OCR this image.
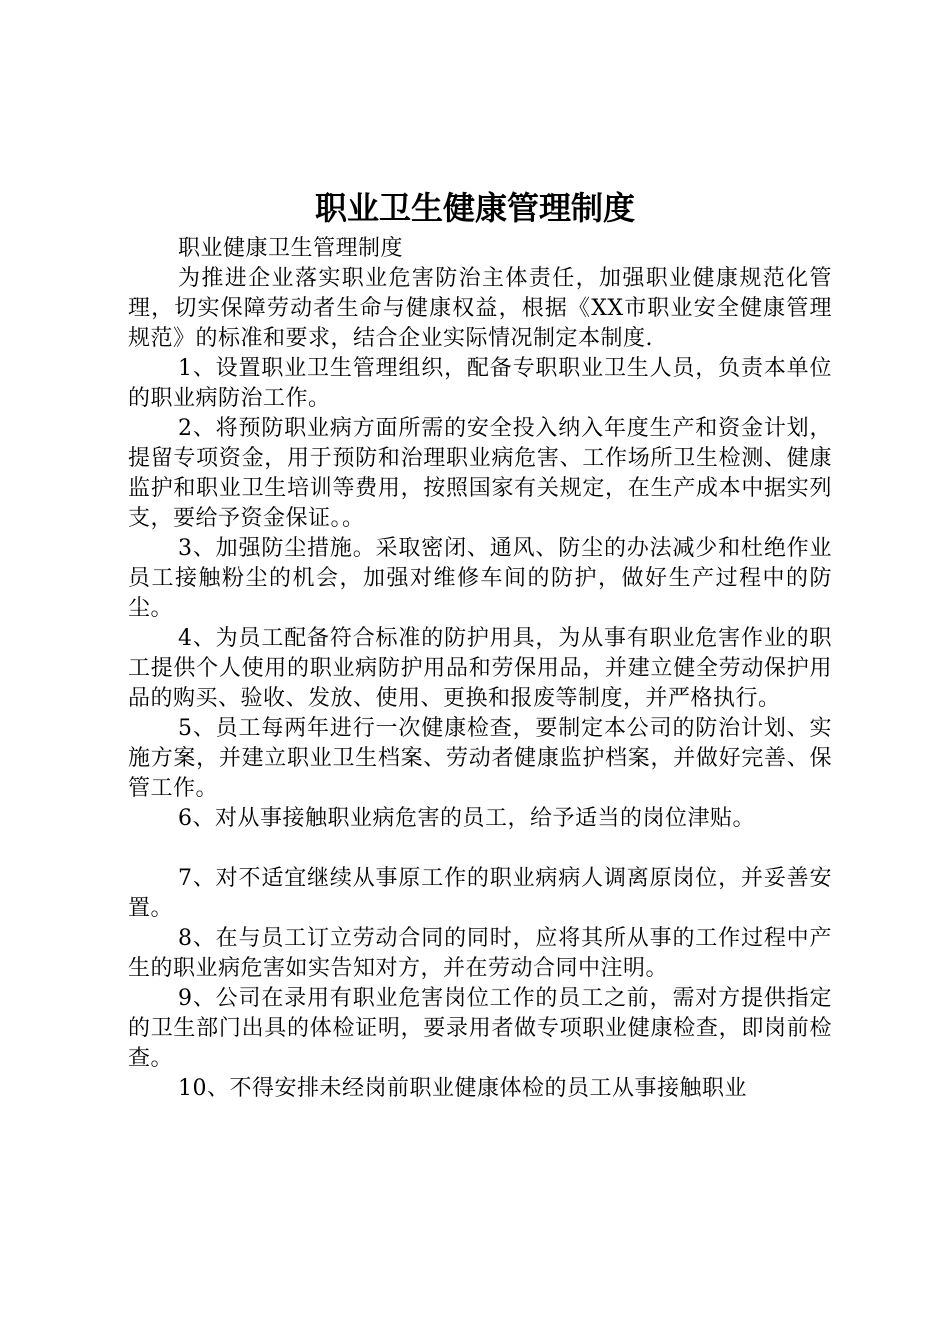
职业卫生健康管理制度

职业健康卫生管理制度

为推进企业落实职业危害防治主体责任，加强职业健康规范化管理，切实保障劳动者生命与健康权益，根据《XX市职业安全健康管理规范》的标准和要求，结合企业实际情况制定本制度.

1、设置职业卫生管理组织，配备专职职业卫生人员，负责本单位的职业病防治工作。

2、将预防职业病方面所需的安全投入纳入年度生产和资金计划，提留专项资金，用于预防和治理职业病危害、工作场所卫生检测、健康监护和职业卫生培训等费用，按照国家有关规定，在生产成本中据实列支，要给予资金保证。。

3、加强防尘措施。采取密闭、通风、防尘的办法减少和杜绝作业员工接触粉尘的机会，加强对维修车间的防护，做好生产过程中的防尘。

4、为员工配备符合标准的防护用具，为从事有职业危害作业的职工提供个人使用的职业病防护用品和劳保用品，并建立健全劳动保护用品的购买、验收、发放、使用、更换和报废等制度，并严格执行。

5、员工每两年进行一次健康检查，要制定本公司的防治计划、实施方案，并建立职业卫生档案、劳动者健康监护档案，并做好完善、保管工作。

6、对从事接触职业病危害的员工，给予适当的岗位津贴。

7、对不适宜继续从事原工作的职业病病人调离原岗位，并妥善安置。

8、在与员工订立劳动合同的同时，应将其所从事的工作过程中产生的职业病危害如实告知对方，并在劳动合同中注明。

9、公司在录用有职业危害岗位工作的员工之前，需对方提供指定的卫生部门出具的体检证明，要录用者做专项职业健康检查，即岗前检查。

10、不得安排未经岗前职业健康体检的员工从事接触职业
